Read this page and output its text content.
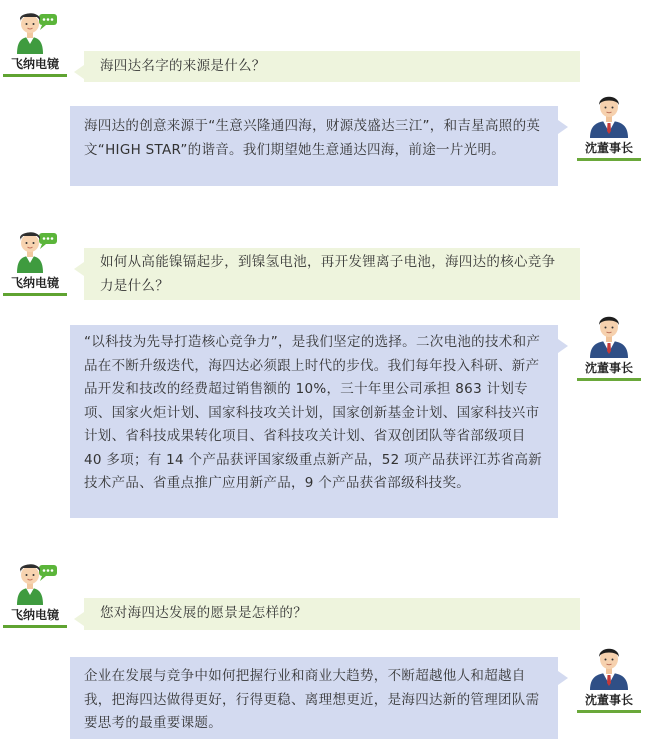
飞纳电镜	海四达名字的来源是什么？
海四达的创意来源于“生意兴隆通四海，财源茂盛达三江”，和吉星高照的英文“HIGH STAR”的谐音。我们期望她生意通达四海，前途一片光明。	沈董事长
飞纳电镜
如何从高能镍镉起步，到镍氢电池，再开发锂离子电池，海四达的核心竞争力是什么？
“以科技为先导打造核心竞争力”，是我们坚定的选择。二次电池的技术和产品在不断升级迭代，海四达必须跟上时代的步伐。我们每年投入科研、新产品开发和技改的经费超过销售额的 10%，三十年里公司承担 863 计划专项、国家火炬计划、国家科技攻关计划，国家创新基金计划、国家科技兴市计划、省科技成果转化项目、省科技攻关计划、省双创团队等省部级项目 40 多项；有 14 个产品获评国家级重点新产品，52 项产品获评江苏省高新技术产品、省重点推广应用新产品，9 个产品获省部级科技奖。
沈董事长
飞纳电镜	您对海四达发展的愿景是怎样的？
企业在发展与竞争中如何把握行业和商业大趋势，不断超越他人和超越自我，把海四达做得更好，行得更稳、离理想更近，是海四达新的管理团队需要思考的最重要课题。
沈董事长
